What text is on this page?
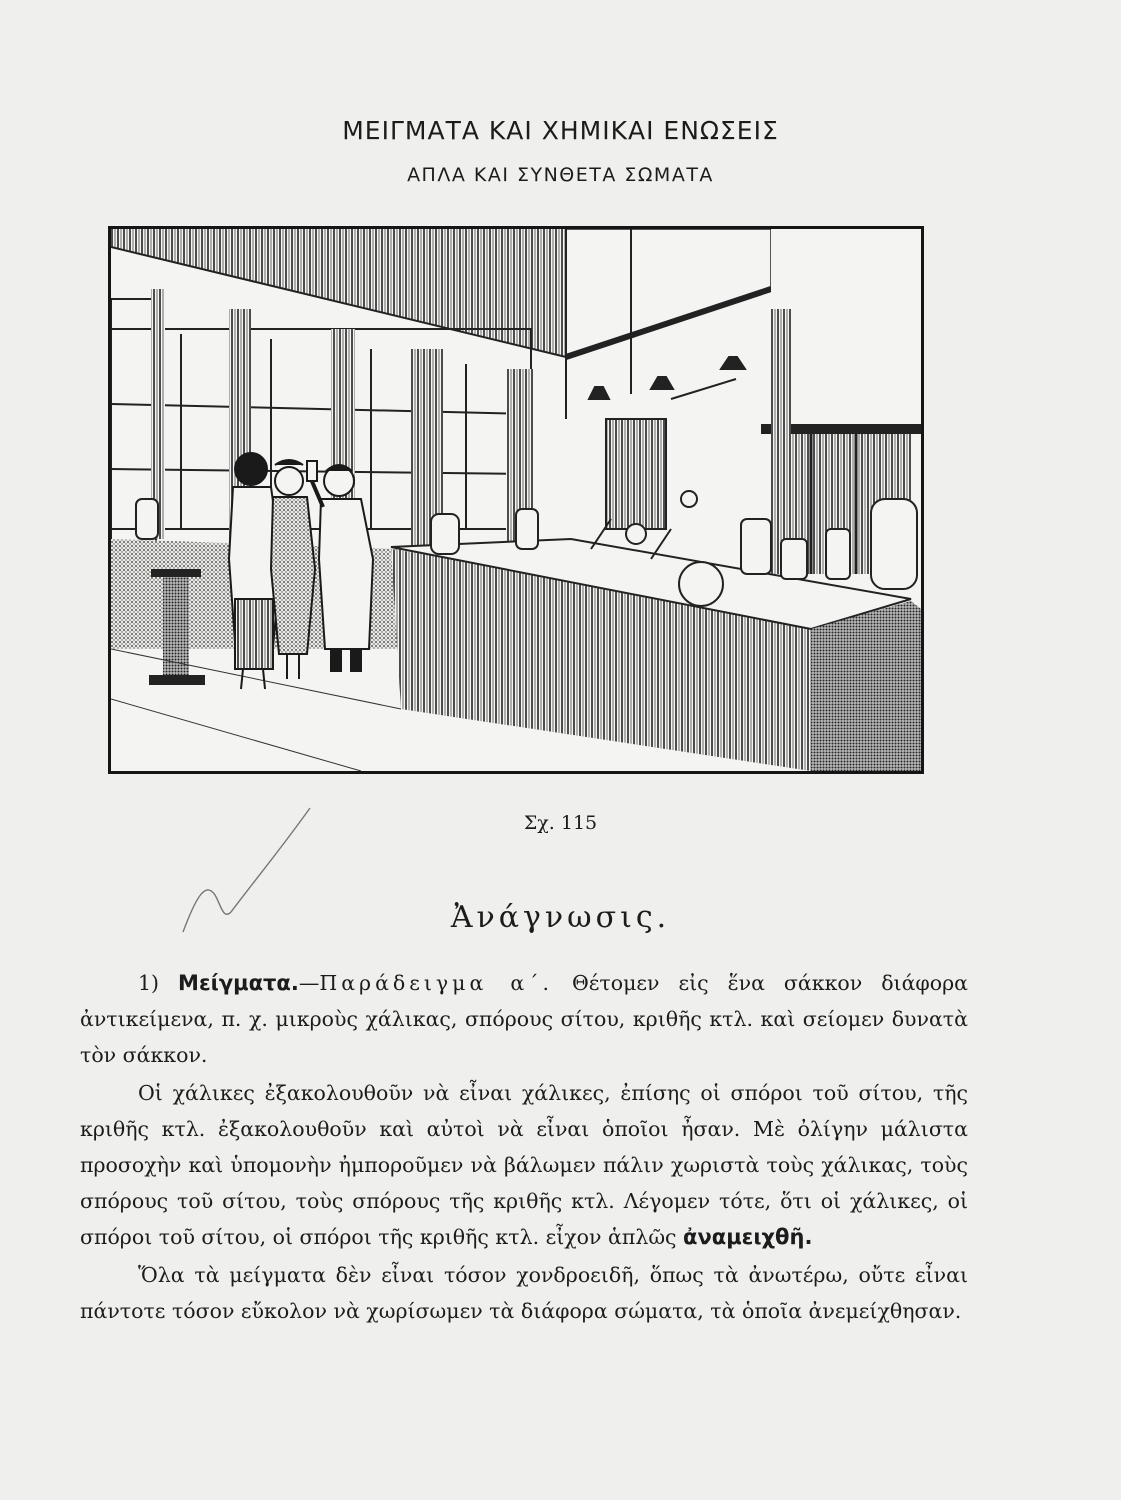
ΜΕΙΓΜΑΤΑ ΚΑΙ ΧΗΜΙΚΑΙ ΕΝΩΣΕΙΣ
ΑΠΛΑ ΚΑΙ ΣΥΝΘΕΤΑ ΣΩΜΑΤΑ
Σχ. 115
Ἀνάγνωσις.

1) Μείγματα.—Παράδειγμα α΄. Θέτομεν εἰς ἕνα σάκκον διάφορα ἀντικείμενα, π. χ. μικροὺς χάλικας, σπόρους σίτου, κριθῆς κτλ. καὶ σείομεν δυνατὰ τὸν σάκκον.

Οἱ χάλικες ἐξακολουθοῦν νὰ εἶναι χάλικες, ἐπίσης οἱ σπόροι τοῦ σίτου, τῆς κριθῆς κτλ. ἐξακολουθοῦν καὶ αὐτοὶ νὰ εἶναι ὁποῖοι ἦσαν. Μὲ ὀλίγην μάλιστα προσοχὴν καὶ ὑπομονὴν ἠμποροῦμεν νὰ βάλωμεν πάλιν χωριστὰ τοὺς χάλικας, τοὺς σπόρους τοῦ σίτου, τοὺς σπόρους τῆς κριθῆς κτλ. Λέγομεν τότε, ὅτι οἱ χάλικες, οἱ σπόροι τοῦ σίτου, οἱ σπόροι τῆς κριθῆς κτλ. εἶχον ἁπλῶς ἀναμειχθῆ.

Ὅλα τὰ μείγματα δὲν εἶναι τόσον χονδροειδῆ, ὅπως τὰ ἀνωτέρω, οὔτε εἶναι πάντοτε τόσον εὔκολον νὰ χωρίσωμεν τὰ διάφορα σώματα, τὰ ὁποῖα ἀνεμείχθησαν.
